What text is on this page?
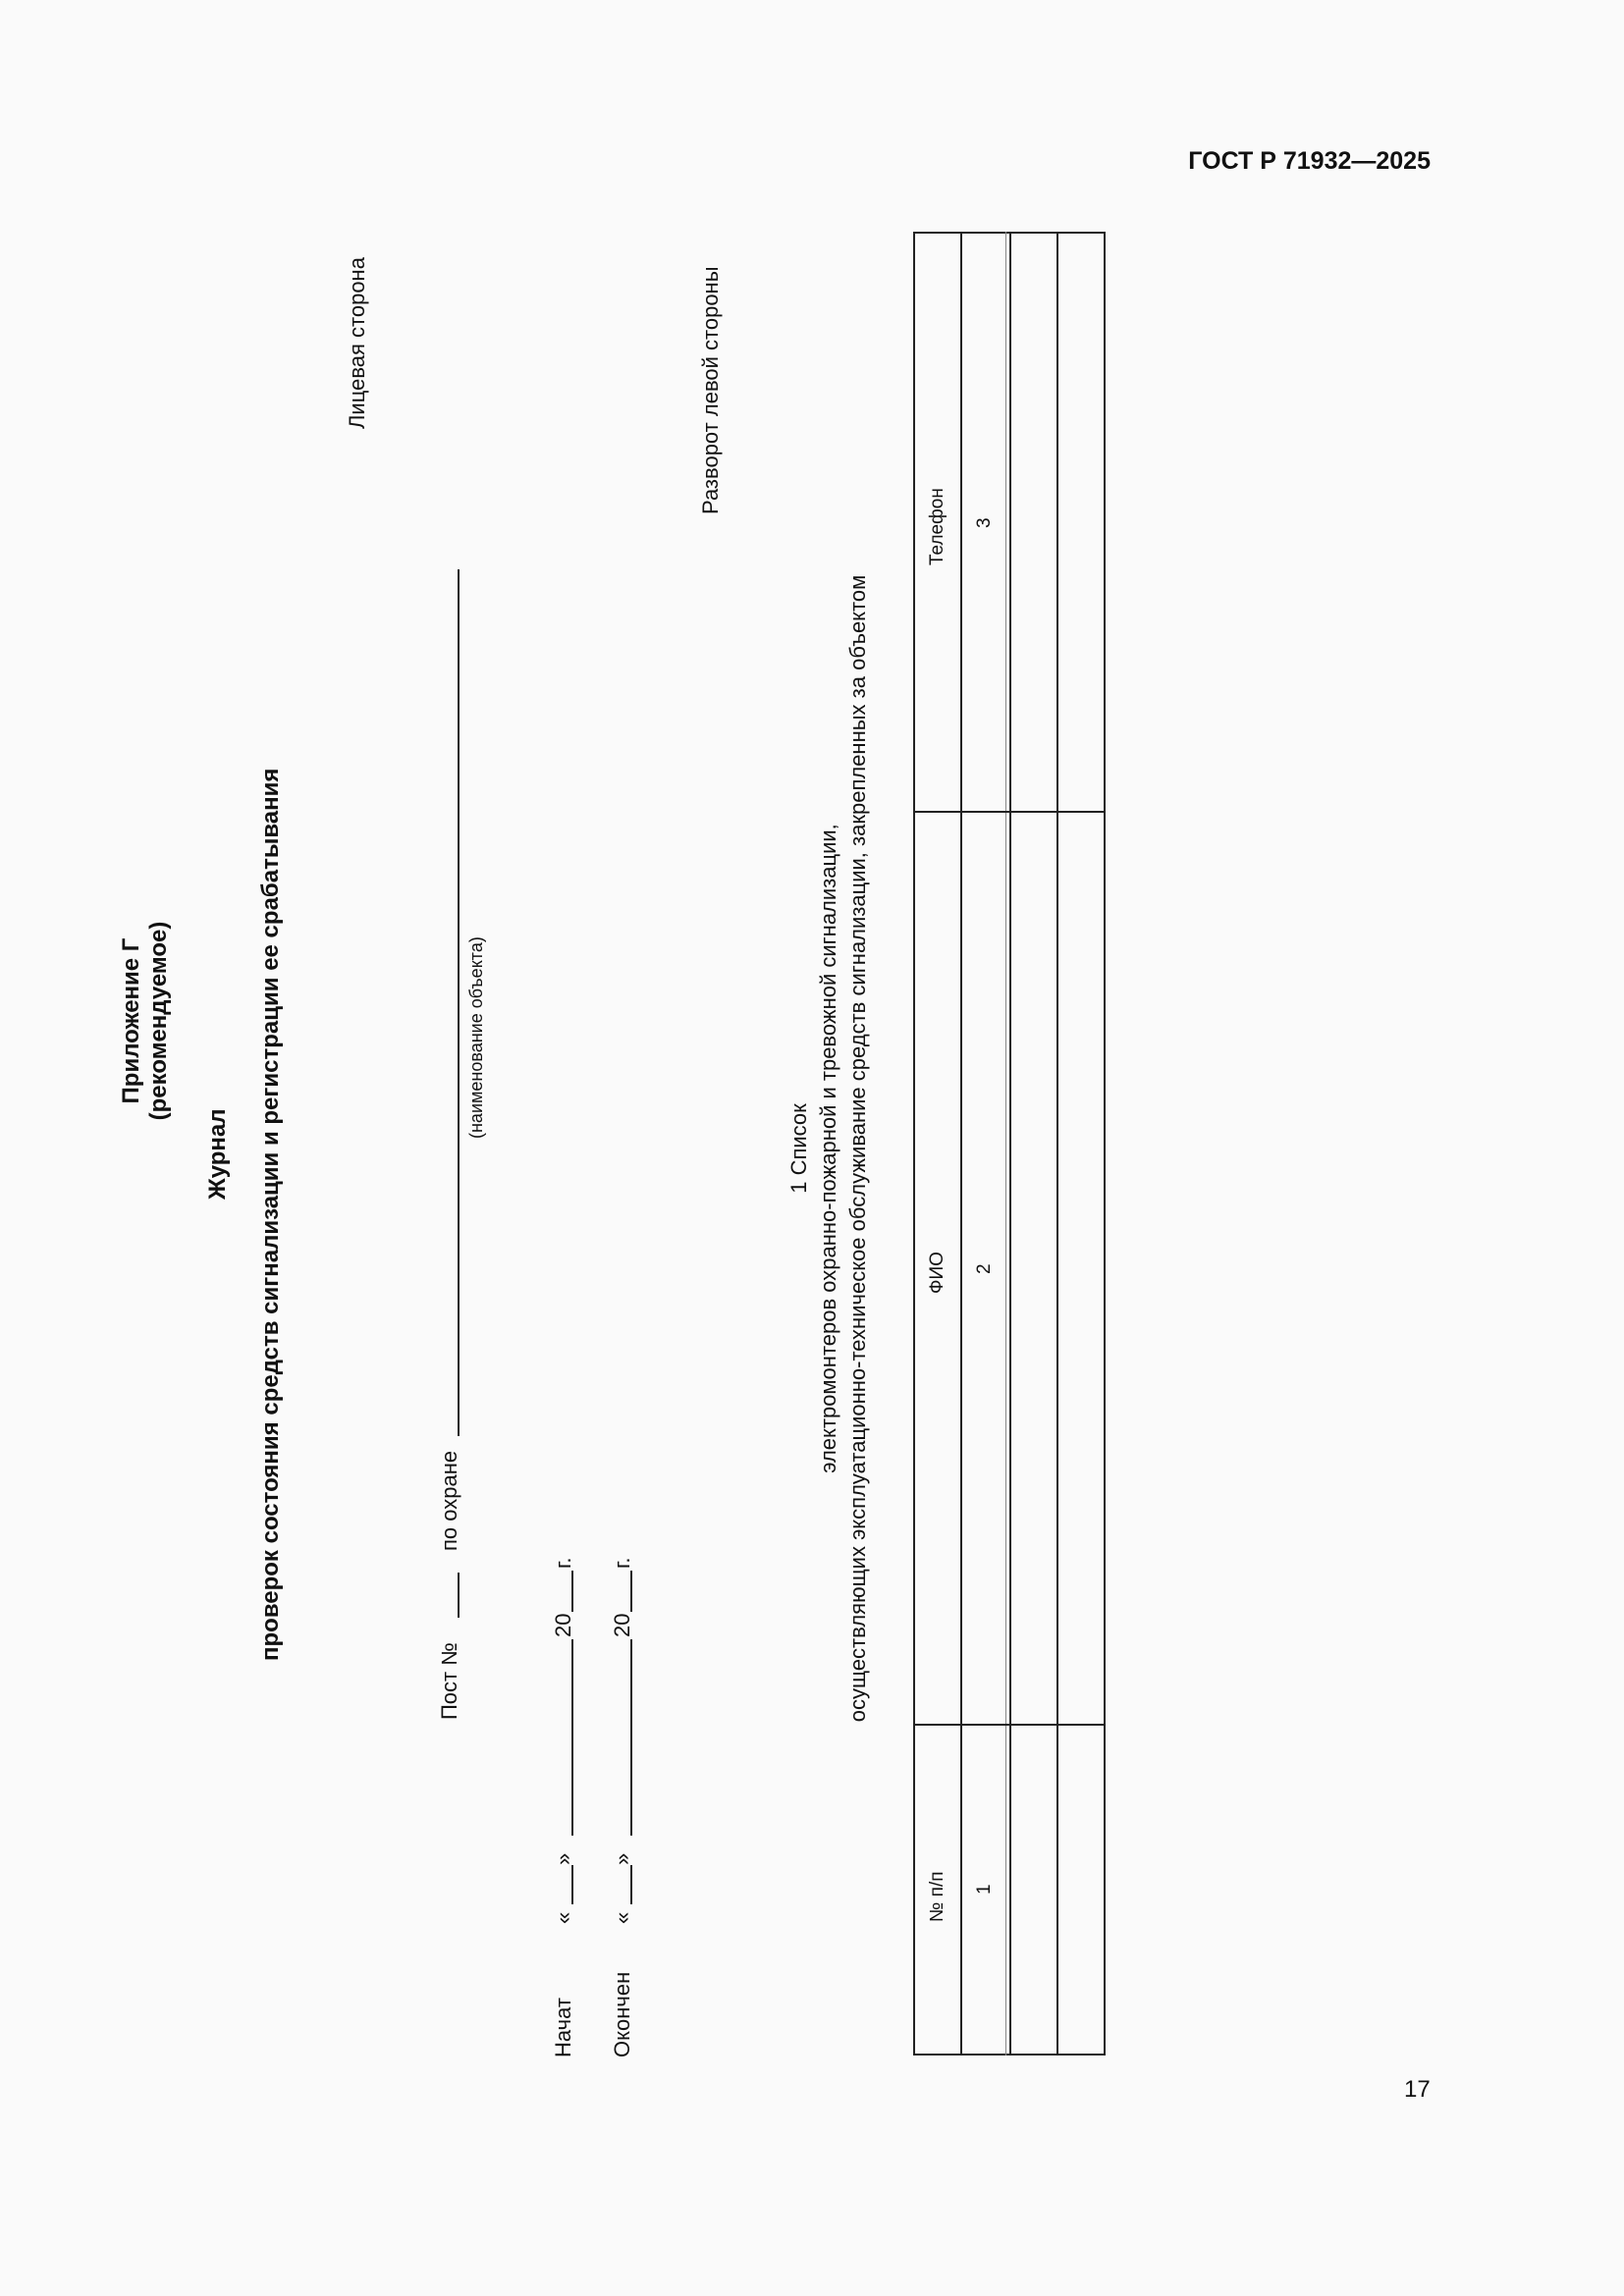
ГОСТ Р 71932—2025
Приложение Г (рекомендуемое)
Журнал проверок состояния средств сигнализации и регистрации ее срабатывания
Лицевая сторона	Разворот левой стороны
Пост №
по охране
(наименование объекта)
Начат
«
»
20
г.
Окончен
«
»
20
г.
1 Список электромонтеров охранно-пожарной и тревожной сигнализации, осуществляющих эксплуатационно-техническое обслуживание средств сигнализации, закрепленных за объектом
№ п/п 1
ФИО 2
Телефон 3
17
